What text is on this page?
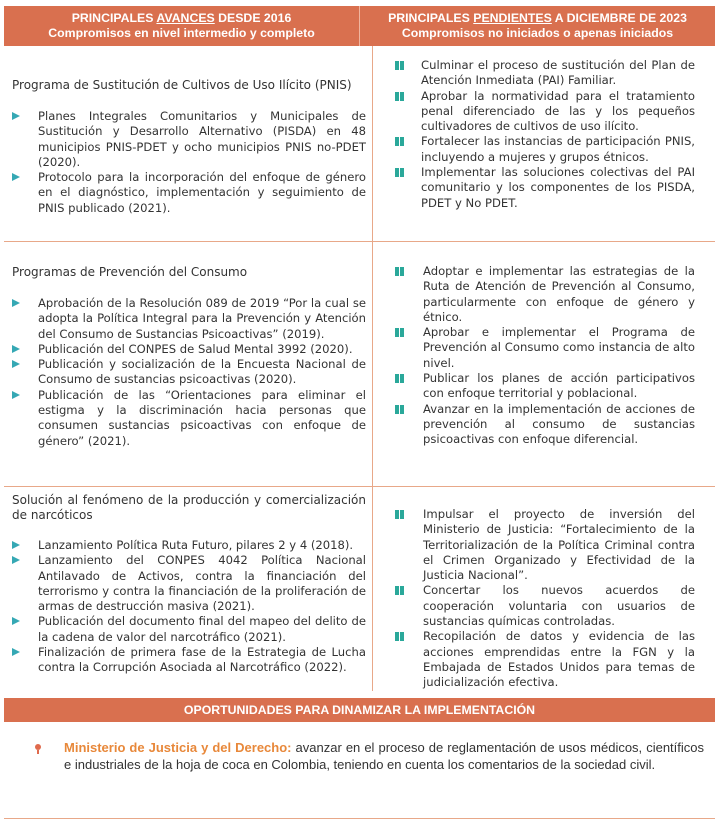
PRINCIPALES AVANCES DESDE 2016
Compromisos en nivel intermedio y completo
PRINCIPALES PENDIENTES A DICIEMBRE DE 2023
Compromisos no iniciados o apenas iniciados
Programa de Sustitución de Cultivos de Uso Ilícito (PNIS)
Planes Integrales Comunitarios y Municipales de Sustitución y Desarrollo Alternativo (PISDA) en 48 municipios PNIS-PDET y ocho municipios PNIS no-PDET (2020).
Protocolo para la incorporación del enfoque de género en el diagnóstico, implementación y seguimiento de PNIS publicado (2021).
Culminar el proceso de sustitución del Plan de Atención Inmediata (PAI) Familiar.
Aprobar la normatividad para el tratamiento penal diferenciado de las y los pequeños cultivadores de cultivos de uso ilícito.
Fortalecer las instancias de participación PNIS, incluyendo a mujeres y grupos étnicos.
Implementar las soluciones colectivas del PAI comunitario y los componentes de los PISDA, PDET y No PDET.
Programas de Prevención del Consumo
Aprobación de la Resolución 089 de 2019 “Por la cual se adopta la Política Integral para la Prevención y Atención del Consumo de Sustancias Psicoactivas” (2019).
Publicación del CONPES de Salud Mental 3992 (2020).
Publicación y socialización de la Encuesta Nacional de Consumo de sustancias psicoactivas (2020).
Publicación de las “Orientaciones para eliminar el estigma y la discriminación hacia personas que consumen sustancias psicoactivas con enfoque de género” (2021).
Adoptar e implementar las estrategias de la Ruta de Atención de Prevención al Consumo, particularmente con enfoque de género y étnico.
Aprobar e implementar el Programa de Prevención al Consumo como instancia de alto nivel.
Publicar los planes de acción participativos con enfoque territorial y poblacional.
Avanzar en la implementación de acciones de prevención al consumo de sustancias psicoactivas con enfoque diferencial.
Solución al fenómeno de la producción y comercialización de narcóticos
Lanzamiento Política Ruta Futuro, pilares 2 y 4 (2018).
Lanzamiento del CONPES 4042 Política Nacional Antilavado de Activos, contra la financiación del terrorismo y contra la financiación de la proliferación de armas de destrucción masiva (2021).
Publicación del documento final del mapeo del delito de la cadena de valor del narcotráfico (2021).
Finalización de primera fase de la Estrategia de Lucha contra la Corrupción Asociada al Narcotráfico (2022).
Impulsar el proyecto de inversión del Ministerio de Justicia: “Fortalecimiento de la Territorialización de la Política Criminal contra el Crimen Organizado y Efectividad de la Justicia Nacional”.
Concertar los nuevos acuerdos de cooperación voluntaria con usuarios de sustancias químicas controladas.
Recopilación de datos y evidencia de las acciones emprendidas entre la FGN y la Embajada de Estados Unidos para temas de judicialización efectiva.
OPORTUNIDADES PARA DINAMIZAR LA IMPLEMENTACIÓN
Ministerio de Justicia y del Derecho: avanzar en el proceso de reglamentación de usos médicos, científicos e industriales de la hoja de coca en Colombia, teniendo en cuenta los comentarios de la sociedad civil.
